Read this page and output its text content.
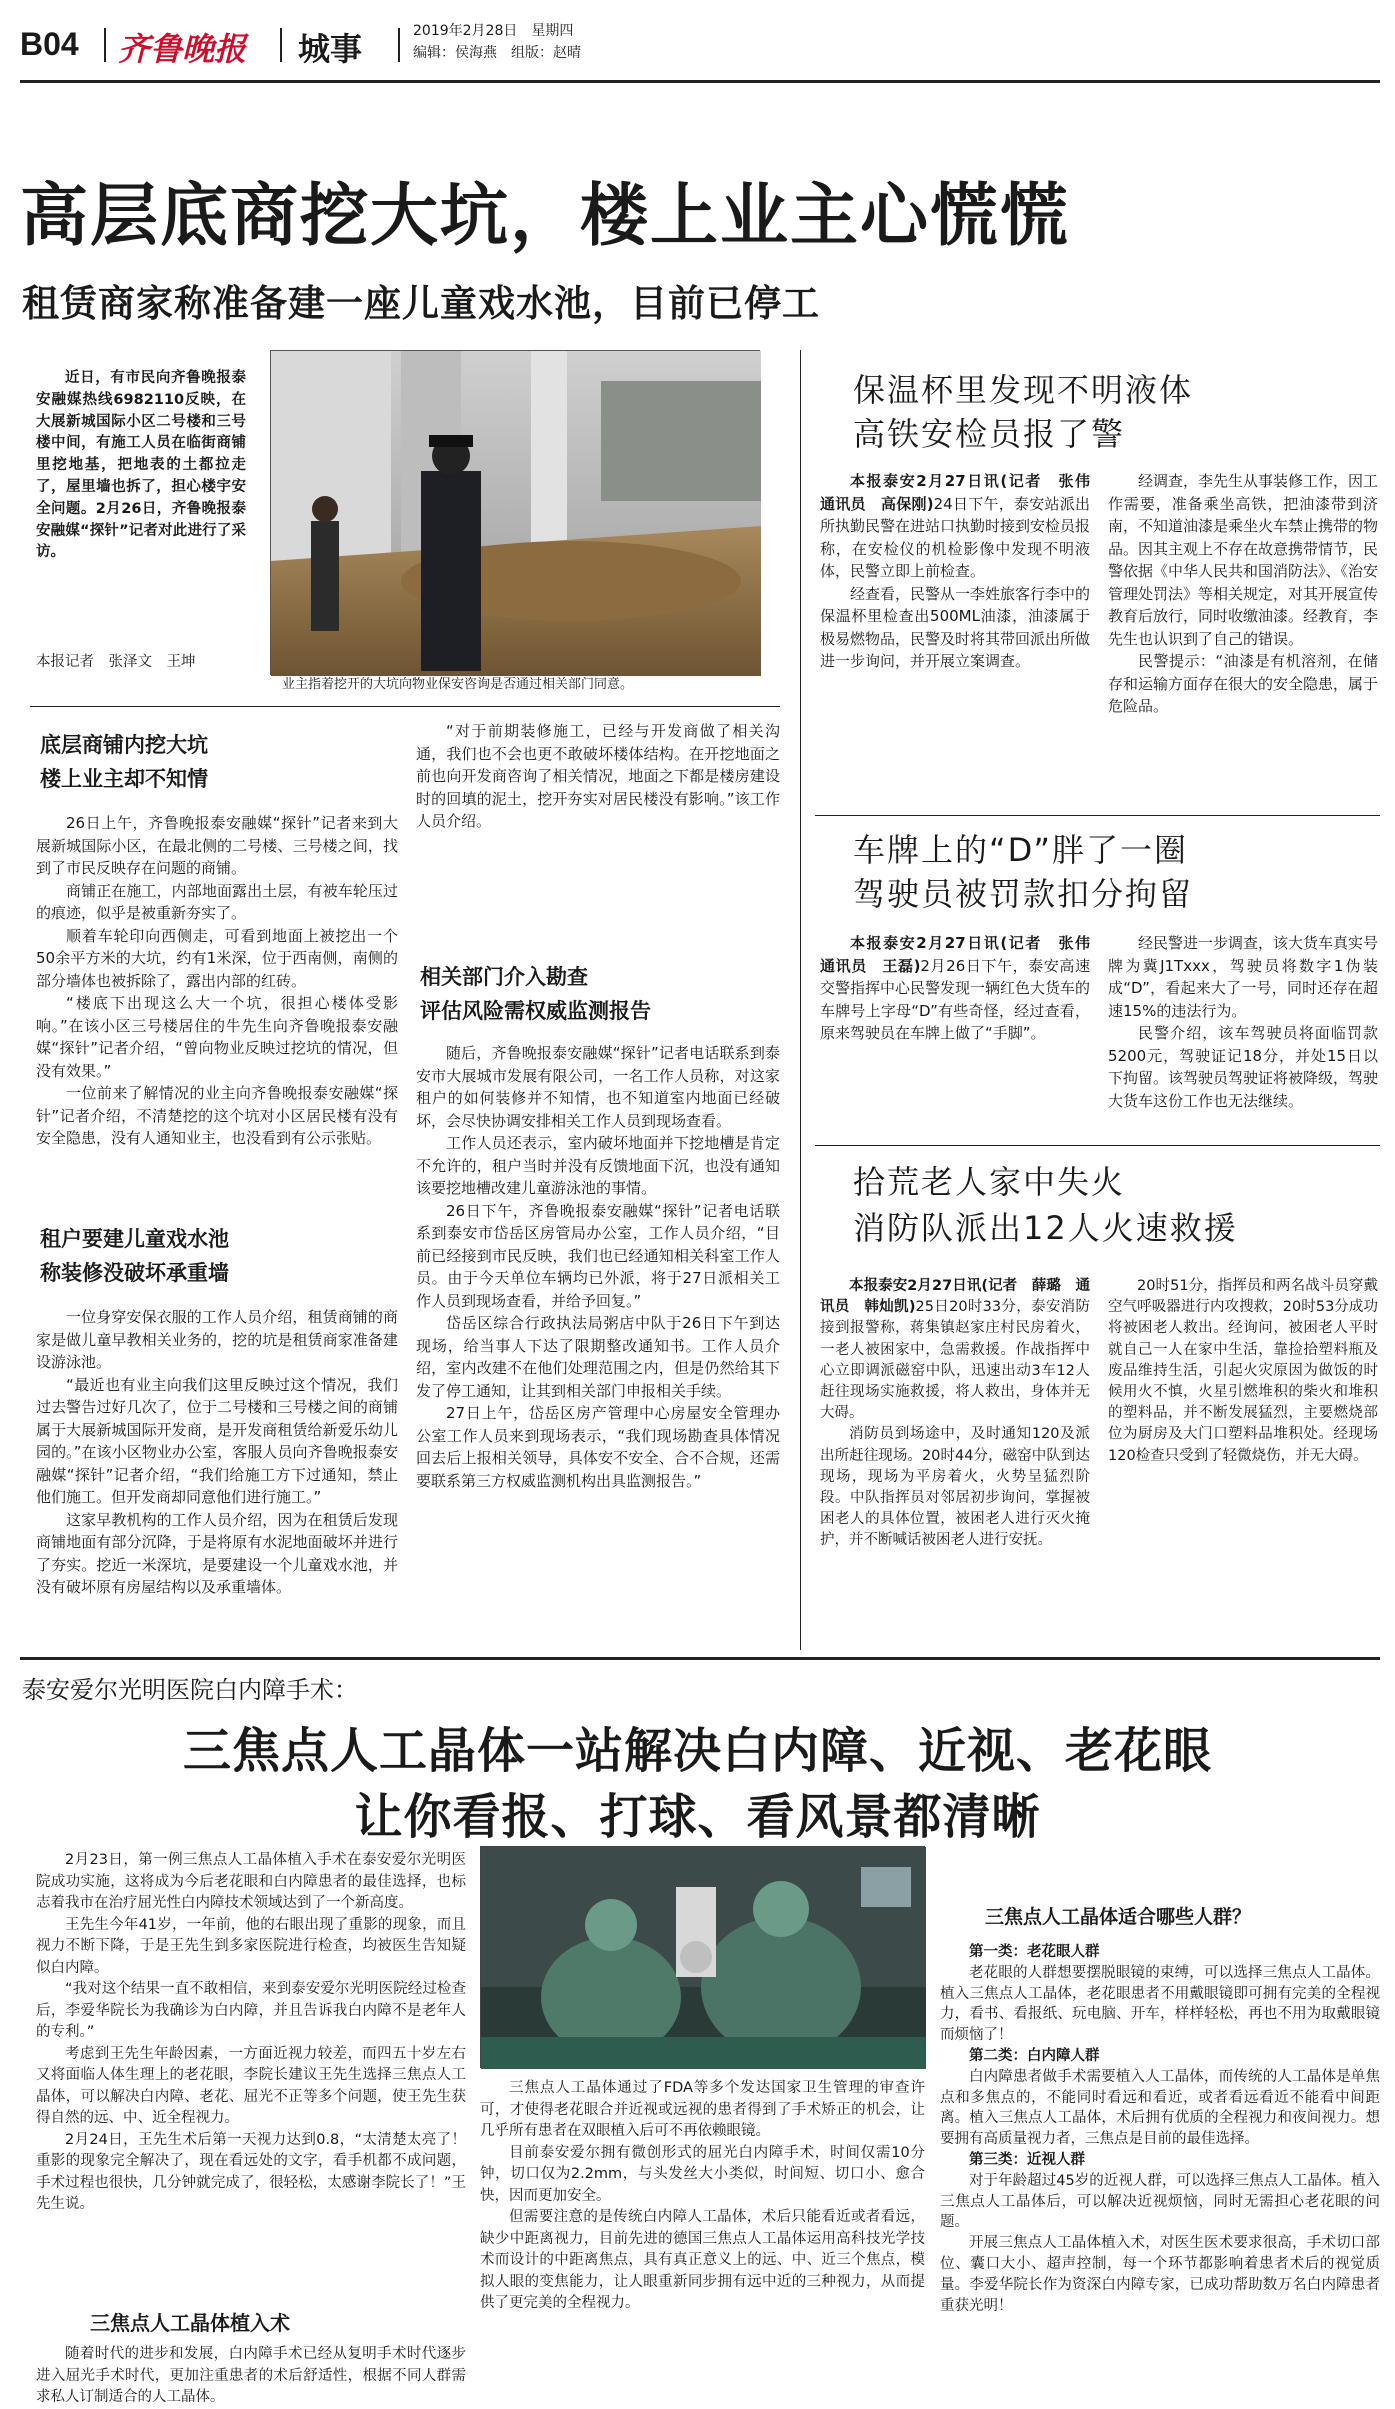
B04 齐鲁晚报 城事	2019年2月28日　星期四
编辑：侯海燕　组版：赵晴
高层底商挖大坑，楼上业主心慌慌
租赁商家称准备建一座儿童戏水池，目前已停工
近日，有市民向齐鲁晚报泰安融媒热线6982110反映，在大展新城国际小区二号楼和三号楼中间，有施工人员在临街商铺里挖地基，把地表的土都拉走了，屋里墙也拆了，担心楼宇安全问题。2月26日，齐鲁晚报泰安融媒“探针”记者对此进行了采访。
本报记者　张泽文　王坤
业主指着挖开的大坑向物业保安咨询是否通过相关部门同意。
底层商铺内挖大坑
楼上业主却不知情

26日上午，齐鲁晚报泰安融媒“探针”记者来到大展新城国际小区，在最北侧的二号楼、三号楼之间，找到了市民反映存在问题的商铺。

商铺正在施工，内部地面露出土层，有被车轮压过的痕迹，似乎是被重新夯实了。

顺着车轮印向西侧走，可看到地面上被挖出一个50余平方米的大坑，约有1米深，位于西南侧，南侧的部分墙体也被拆除了，露出内部的红砖。

“楼底下出现这么大一个坑，很担心楼体受影响。”在该小区三号楼居住的牛先生向齐鲁晚报泰安融媒“探针”记者介绍，“曾向物业反映过挖坑的情况，但没有效果。”

一位前来了解情况的业主向齐鲁晚报泰安融媒“探针”记者介绍，不清楚挖的这个坑对小区居民楼有没有安全隐患，没有人通知业主，也没看到有公示张贴。

租户要建儿童戏水池
称装修没破坏承重墙

一位身穿安保衣服的工作人员介绍，租赁商铺的商家是做儿童早教相关业务的，挖的坑是租赁商家准备建设游泳池。

“最近也有业主向我们这里反映过这个情况，我们过去警告过好几次了，位于二号楼和三号楼之间的商铺属于大展新城国际开发商，是开发商租赁给新爱乐幼儿园的。”在该小区物业办公室，客服人员向齐鲁晚报泰安融媒“探针”记者介绍，“我们给施工方下过通知，禁止他们施工。但开发商却同意他们进行施工。”

这家早教机构的工作人员介绍，因为在租赁后发现商铺地面有部分沉降，于是将原有水泥地面破坏并进行了夯实。挖近一米深坑，是要建设一个儿童戏水池，并没有破坏原有房屋结构以及承重墙体。

“对于前期装修施工，已经与开发商做了相关沟通，我们也不会也更不敢破坏楼体结构。在开挖地面之前也向开发商咨询了相关情况，地面之下都是楼房建设时的回填的泥土，挖开夯实对居民楼没有影响。”该工作人员介绍。

相关部门介入勘查
评估风险需权威监测报告

随后，齐鲁晚报泰安融媒“探针”记者电话联系到泰安市大展城市发展有限公司，一名工作人员称，对这家租户的如何装修并不知情，也不知道室内地面已经破坏，会尽快协调安排相关工作人员到现场查看。

工作人员还表示，室内破坏地面并下挖地槽是肯定不允许的，租户当时并没有反馈地面下沉，也没有通知该要挖地槽改建儿童游泳池的事情。

26日下午，齐鲁晚报泰安融媒“探针”记者电话联系到泰安市岱岳区房管局办公室，工作人员介绍，“目前已经接到市民反映，我们也已经通知相关科室工作人员。由于今天单位车辆均已外派，将于27日派相关工作人员到现场查看，并给予回复。”

岱岳区综合行政执法局粥店中队于26日下午到达现场，给当事人下达了限期整改通知书。工作人员介绍，室内改建不在他们处理范围之内，但是仍然给其下发了停工通知，让其到相关部门申报相关手续。

27日上午，岱岳区房产管理中心房屋安全管理办公室工作人员来到现场表示，“我们现场勘查具体情况回去后上报相关领导，具体安不安全、合不合规，还需要联系第三方权威监测机构出具监测报告。”

保温杯里发现不明液体
高铁安检员报了警

本报泰安2月27日讯(记者　张伟　通讯员　高保刚)24日下午，泰安站派出所执勤民警在进站口执勤时接到安检员报称，在安检仪的机检影像中发现不明液体，民警立即上前检查。

经查看，民警从一李姓旅客行李中的保温杯里检查出500ML油漆，油漆属于极易燃物品，民警及时将其带回派出所做进一步询问，并开展立案调查。

经调查，李先生从事装修工作，因工作需要，准备乘坐高铁，把油漆带到济南，不知道油漆是乘坐火车禁止携带的物品。因其主观上不存在故意携带情节，民警依据《中华人民共和国消防法》、《治安管理处罚法》等相关规定，对其开展宣传教育后放行，同时收缴油漆。经教育，李先生也认识到了自己的错误。

民警提示：“油漆是有机溶剂，在储存和运输方面存在很大的安全隐患，属于危险品。

车牌上的“D”胖了一圈
驾驶员被罚款扣分拘留

本报泰安2月27日讯(记者　张伟　通讯员　王磊)2月26日下午，泰安高速交警指挥中心民警发现一辆红色大货车的车牌号上字母“D”有些奇怪，经过查看，原来驾驶员在车牌上做了“手脚”。

经民警进一步调查，该大货车真实号牌为冀J1Txxx，驾驶员将数字1伪装成“D”，看起来大了一号，同时还存在超速15%的违法行为。

民警介绍，该车驾驶员将面临罚款5200元，驾驶证记18分，并处15日以下拘留。该驾驶员驾驶证将被降级，驾驶大货车这份工作也无法继续。

拾荒老人家中失火
消防队派出12人火速救援

本报泰安2月27日讯(记者　薛璐　通讯员　韩灿凯)25日20时33分，泰安消防接到报警称，蒋集镇赵家庄村民房着火，一老人被困家中，急需救援。作战指挥中心立即调派磁窑中队，迅速出动3车12人赶往现场实施救援，将人救出，身体并无大碍。

消防员到场途中，及时通知120及派出所赶往现场。20时44分，磁窑中队到达现场，现场为平房着火，火势呈猛烈阶段。中队指挥员对邻居初步询问，掌握被困老人的具体位置，被困老人进行灭火掩护，并不断喊话被困老人进行安抚。

20时51分，指挥员和两名战斗员穿戴空气呼吸器进行内攻搜救，20时53分成功将被困老人救出。经询问，被困老人平时就自己一人在家中生活，靠捡拾塑料瓶及废品维持生活，引起火灾原因为做饭的时候用火不慎，火星引燃堆积的柴火和堆积的塑料品，并不断发展猛烈，主要燃烧部位为厨房及大门口塑料品堆积处。经现场120检查只受到了轻微烧伤，并无大碍。

泰安爱尔光明医院白内障手术：
三焦点人工晶体一站解决白内障、近视、老花眼
让你看报、打球、看风景都清晰

2月23日，第一例三焦点人工晶体植入手术在泰安爱尔光明医院成功实施，这将成为今后老花眼和白内障患者的最佳选择，也标志着我市在治疗屈光性白内障技术领域达到了一个新高度。

王先生今年41岁，一年前，他的右眼出现了重影的现象，而且视力不断下降，于是王先生到多家医院进行检查，均被医生告知疑似白内障。

“我对这个结果一直不敢相信，来到泰安爱尔光明医院经过检查后，李爱华院长为我确诊为白内障，并且告诉我白内障不是老年人的专利。”

考虑到王先生年龄因素，一方面近视力较差，而四五十岁左右又将面临人体生理上的老花眼，李院长建议王先生选择三焦点人工晶体，可以解决白内障、老花、屈光不正等多个问题，使王先生获得自然的远、中、近全程视力。

2月24日，王先生术后第一天视力达到0.8，“太清楚太亮了！重影的现象完全解决了，现在看远处的文字，看手机都不成问题，手术过程也很快，几分钟就完成了，很轻松，太感谢李院长了！”王先生说。

三焦点人工晶体植入术

随着时代的进步和发展，白内障手术已经从复明手术时代逐步进入屈光手术时代，更加注重患者的术后舒适性，根据不同人群需求私人订制适合的人工晶体。

三焦点人工晶体通过了FDA等多个发达国家卫生管理的审查许可，才使得老花眼合并近视或远视的患者得到了手术矫正的机会，让几乎所有患者在双眼植入后可不再依赖眼镜。

目前泰安爱尔拥有微创形式的屈光白内障手术，时间仅需10分钟，切口仅为2.2mm，与头发丝大小类似，时间短、切口小、愈合快，因而更加安全。

但需要注意的是传统白内障人工晶体，术后只能看近或者看远，缺少中距离视力，目前先进的德国三焦点人工晶体运用高科技光学技术而设计的中距离焦点，具有真正意义上的远、中、近三个焦点，模拟人眼的变焦能力，让人眼重新同步拥有远中近的三种视力，从而提供了更完美的全程视力。

三焦点人工晶体适合哪些人群？

第一类：老花眼人群

老花眼的人群想要摆脱眼镜的束缚，可以选择三焦点人工晶体。植入三焦点人工晶体，老花眼患者不用戴眼镜即可拥有完美的全程视力，看书、看报纸、玩电脑、开车，样样轻松，再也不用为取戴眼镜而烦恼了！

第二类：白内障人群

白内障患者做手术需要植入人工晶体，而传统的人工晶体是单焦点和多焦点的，不能同时看远和看近，或者看远看近不能看中间距离。植入三焦点人工晶体，术后拥有优质的全程视力和夜间视力。想要拥有高质量视力者，三焦点是目前的最佳选择。

第三类：近视人群

对于年龄超过45岁的近视人群，可以选择三焦点人工晶体。植入三焦点人工晶体后，可以解决近视烦恼，同时无需担心老花眼的问题。

开展三焦点人工晶体植入术，对医生医术要求很高，手术切口部位、囊口大小、超声控制，每一个环节都影响着患者术后的视觉质量。李爱华院长作为资深白内障专家，已成功帮助数万名白内障患者重获光明！
